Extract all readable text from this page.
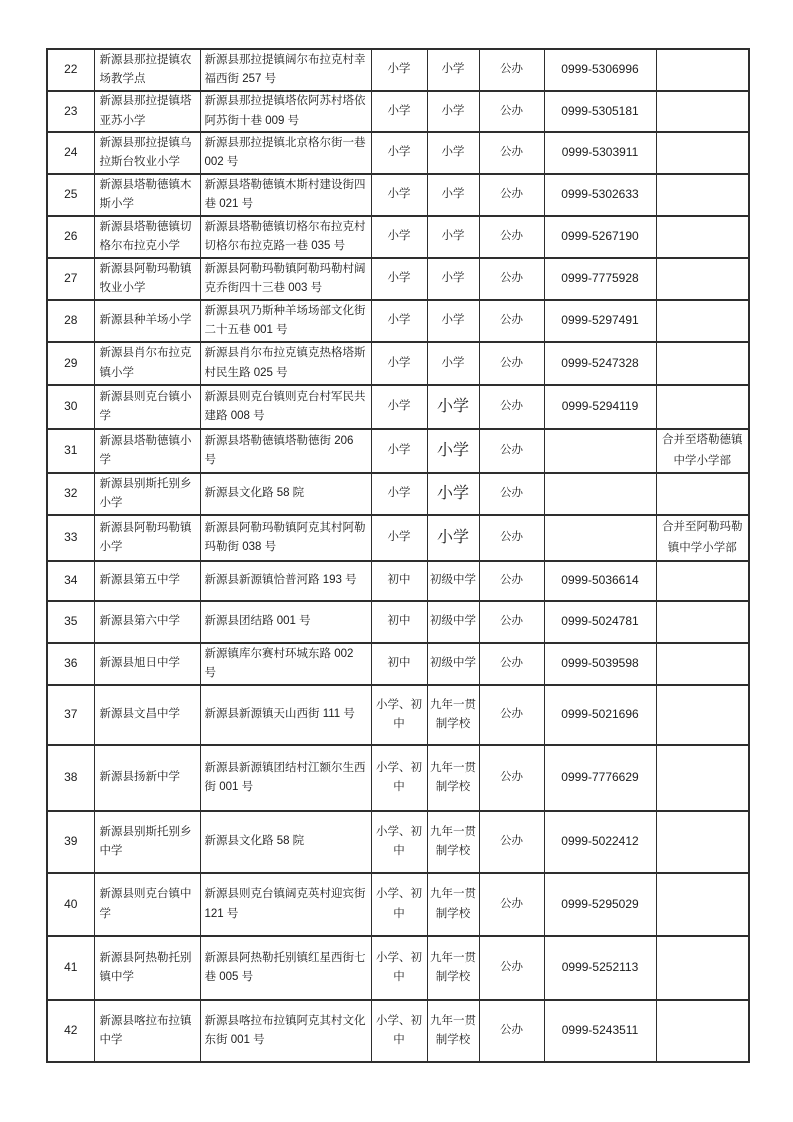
22	新源县那拉提镇农场教学点	新源县那拉提镇阔尔布拉克村幸福西街 257 号	小学	小学	公办	0999-5306996	
23	新源县那拉提镇塔亚苏小学	新源县那拉提镇塔依阿苏村塔依阿苏街十巷 009 号	小学	小学	公办	0999-5305181	
24	新源县那拉提镇乌拉斯台牧业小学	新源县那拉提镇北京格尔街一巷 002 号	小学	小学	公办	0999-5303911	
25	新源县塔勒德镇木斯小学	新源县塔勒德镇木斯村建设街四巷 021 号	小学	小学	公办	0999-5302633	
26	新源县塔勒德镇切格尔布拉克小学	新源县塔勒德镇切格尔布拉克村切格尔布拉克路一巷 035 号	小学	小学	公办	0999-5267190	
27	新源县阿勒玛勒镇牧业小学	新源县阿勒玛勒镇阿勒玛勒村阔克乔街四十三巷 003 号	小学	小学	公办	0999-7775928	
28	新源县种羊场小学	新源县巩乃斯种羊场场部文化街二十五巷 001 号	小学	小学	公办	0999-5297491	
29	新源县肖尔布拉克镇小学	新源县肖尔布拉克镇克热格塔斯村民生路 025 号	小学	小学	公办	0999-5247328	
30	新源县则克台镇小学	新源县则克台镇则克台村军民共建路 008 号	小学	小学	公办	0999-5294119	
31	新源县塔勒德镇小学	新源县塔勒德镇塔勒德街 206 号	小学	小学	公办		合并至塔勒德镇中学小学部
32	新源县别斯托别乡小学	新源县文化路 58 院	小学	小学	公办		
33	新源县阿勒玛勒镇小学	新源县阿勒玛勒镇阿克其村阿勒玛勒街 038 号	小学	小学	公办		合并至阿勒玛勒镇中学小学部
34	新源县第五中学	新源县新源镇恰普河路 193 号	初中	初级中学	公办	0999-5036614	
35	新源县第六中学	新源县团结路 001 号	初中	初级中学	公办	0999-5024781	
36	新源县旭日中学	新源镇库尔赛村环城东路 002 号	初中	初级中学	公办	0999-5039598	
37	新源县文昌中学	新源县新源镇天山西街 111 号	小学、初中	九年一贯制学校	公办	0999-5021696	
38	新源县扬新中学	新源县新源镇团结村江额尔生西街 001 号	小学、初中	九年一贯制学校	公办	0999-7776629	
39	新源县别斯托别乡中学	新源县文化路 58 院	小学、初中	九年一贯制学校	公办	0999-5022412	
40	新源县则克台镇中学	新源县则克台镇阔克英村迎宾街 121 号	小学、初中	九年一贯制学校	公办	0999-5295029	
41	新源县阿热勒托别镇中学	新源县阿热勒托别镇红星西街七巷 005 号	小学、初中	九年一贯制学校	公办	0999-5252113	
42	新源县喀拉布拉镇中学	新源县喀拉布拉镇阿克其村文化东街 001 号	小学、初中	九年一贯制学校	公办	0999-5243511	
